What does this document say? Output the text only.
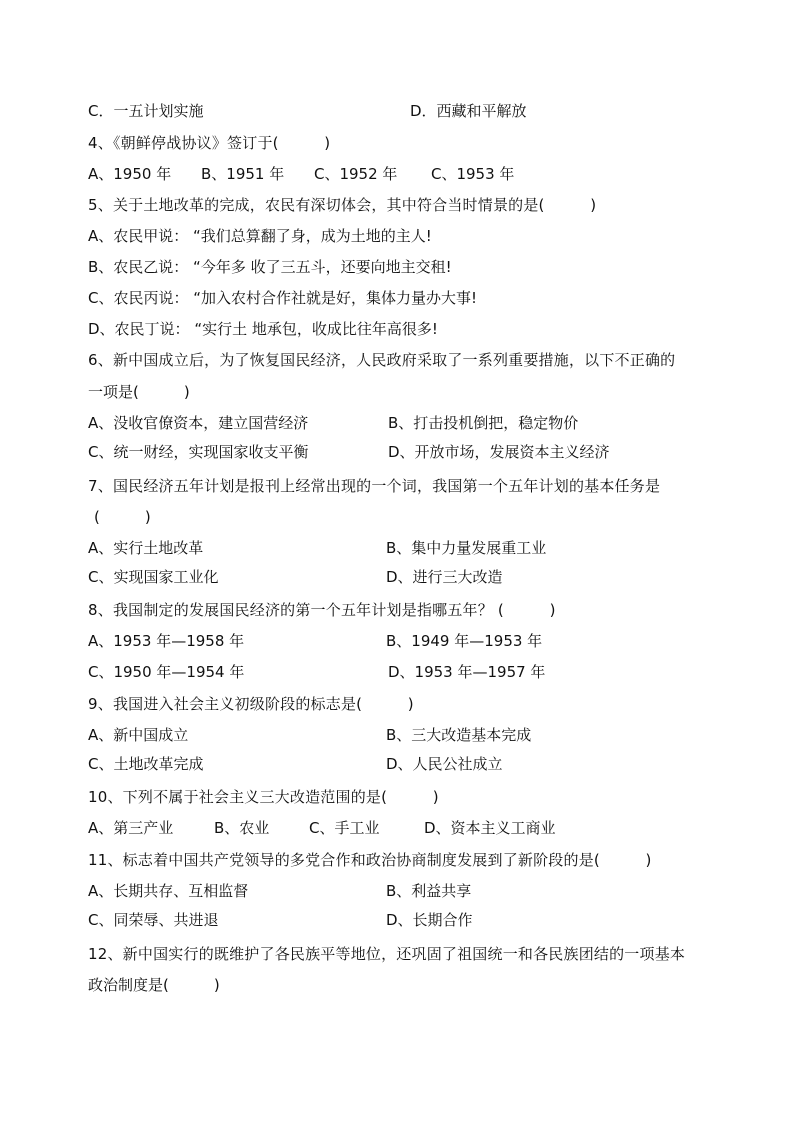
C．一五计划实施	D．西藏和平解放
4、《朝鲜停战协议》签订于(　　　)
A、1950 年 B、1951 年 C、1952 年 C、1953 年
5、关于土地改革的完成，农民有深切体会，其中符合当时情景的是(　　　)
A、农民甲说： “我们总算翻了身，成为土地的主人!
B、农民乙说： “今年多 收了三五斗，还要向地主交租!
C、农民丙说： “加入农村合作社就是好，集体力量办大事!
D、农民丁说： “实行土 地承包，收成比往年高很多!
6、新中国成立后，为了恢复国民经济，人民政府采取了一系列重要措施，以下不正确的
一项是(　　　)
A、没收官僚资本，建立国营经济	B、打击投机倒把，稳定物价
C、统一财经，实现国家收支平衡	D、开放市场，发展资本主义经济
7、国民经济五年计划是报刊上经常出现的一个词，我国第一个五年计划的基本任务是
(　　　)
A、实行土地改革	B、集中力量发展重工业
C、实现国家工业化	D、进行三大改造
8、我国制定的发展国民经济的第一个五年计划是指哪五年？ (　　　)
A、1953 年—1958 年	B、1949 年—1953 年
C、1950 年—1954 年	D、1953 年—1957 年
9、我国进入社会主义初级阶段的标志是(　　　)
A、新中国成立	B、三大改造基本完成
C、土地改革完成	D、人民公社成立
10、下列不属于社会主义三大改造范围的是(　　　)
A、第三产业	B、农业	C、手工业	D、资本主义工商业
11、标志着中国共产党领导的多党合作和政治协商制度发展到了新阶段的是(　　　)
A、长期共存、互相监督	B、利益共享
C、同荣辱、共进退	D、长期合作
12、新中国实行的既维护了各民族平等地位，还巩固了祖国统一和各民族团结的一项基本
政治制度是(　　　)
